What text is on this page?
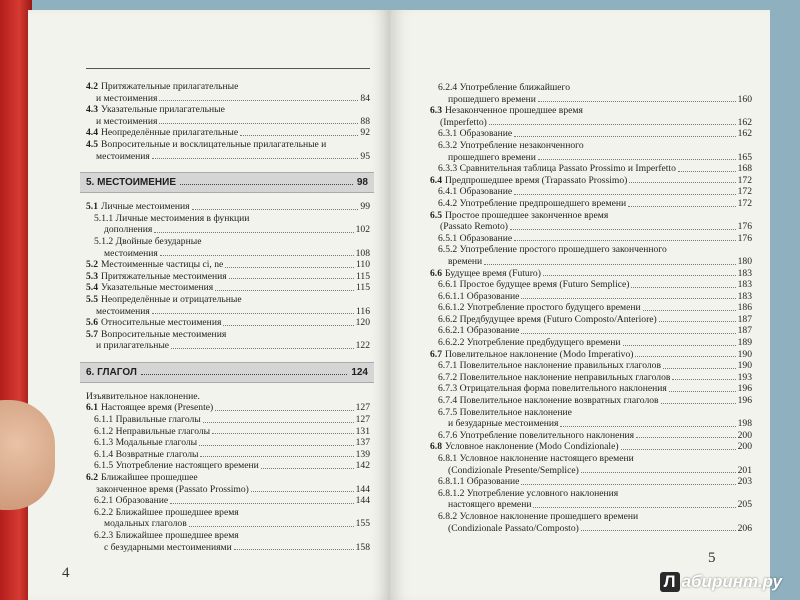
4.2 Притяжательные прилагательные
и местоимения	84
4.3 Указательные прилагательные
и местоимения	88
4.4 Неопределённые прилагательные	92
4.5 Вопросительные и восклицательные прилагательные и
местоимения	95
5. МЕСТОИМЕНИЕ	98
5.1 Личные местоимения	99
5.1.1 Личные местоимения в функции
дополнения	102
5.1.2 Двойные безударные
местоимения	108
5.2 Местоименные частицы ci, ne	110
5.3 Притяжательные местоимения	115
5.4 Указательные местоимения	115
5.5 Неопределённые и отрицательные
местоимения	116
5.6 Относительные местоимения	120
5.7 Вопросительные местоимения
и прилагательные	122
6. ГЛАГОЛ	124
Изъявительное наклонение.
6.1 Настоящее время (Presente)	127
6.1.1 Правильные глаголы	127
6.1.2 Неправильные глаголы	131
6.1.3 Модальные глаголы	137
6.1.4 Возвратные глаголы	139
6.1.5 Употребление настоящего времени	142
6.2 Ближайшее прошедшее
законченное время (Passato Prossimo)	144
6.2.1 Образование	144
6.2.2 Ближайшее прошедшее время
модальных глаголов	155
6.2.3 Ближайшее прошедшее время
с безударными местоимениями	158
4
6.2.4 Употребление ближайшего
прошедшего времени	160
6.3 Незаконченное прошедшее время
(Imperfetto)	162
6.3.1 Образование	162
6.3.2 Употребление незаконченного
прошедшего времени	165
6.3.3 Сравнительная таблица Passato Prossimo и Imperfetto	168
6.4 Предпрошедшее время (Trapassato Prossimo)	172
6.4.1 Образование	172
6.4.2 Употребление предпрошедшего времени	172
6.5 Простое прошедшее законченное время
(Passato Remoto)	176
6.5.1 Образование	176
6.5.2 Употребление простого прошедшего законченного
времени	180
6.6 Будущее время (Futuro)	183
6.6.1 Простое будущее время (Futuro Semplice)	183
6.6.1.1 Образование	183
6.6.1.2 Употребление простого будущего времени	186
6.6.2 Предбудущее время (Futuro Composto/Anteriore)	187
6.6.2.1 Образование	187
6.6.2.2 Употребление предбудущего времени	189
6.7 Повелительное наклонение (Modo Imperativo)	190
6.7.1 Повелительное наклонение правильных глаголов	190
6.7.2 Повелительное наклонение неправильных глаголов	193
6.7.3 Отрицательная форма повелительного наклонения	196
6.7.4 Повелительное наклонение возвратных глаголов	196
6.7.5 Повелительное наклонение
и безударные местоимения	198
6.7.6 Употребление повелительного наклонения	200
6.8 Условное наклонение (Modo Condizionale)	200
6.8.1 Условное наклонение настоящего времени
(Condizionale Presente/Semplice)	201
6.8.1.1 Образование	203
6.8.1.2 Употребление условного наклонения
настоящего времени	205
6.8.2 Условное наклонение прошедшего времени
(Condizionale Passato/Composto)	206
5
Л абиринт.ру
